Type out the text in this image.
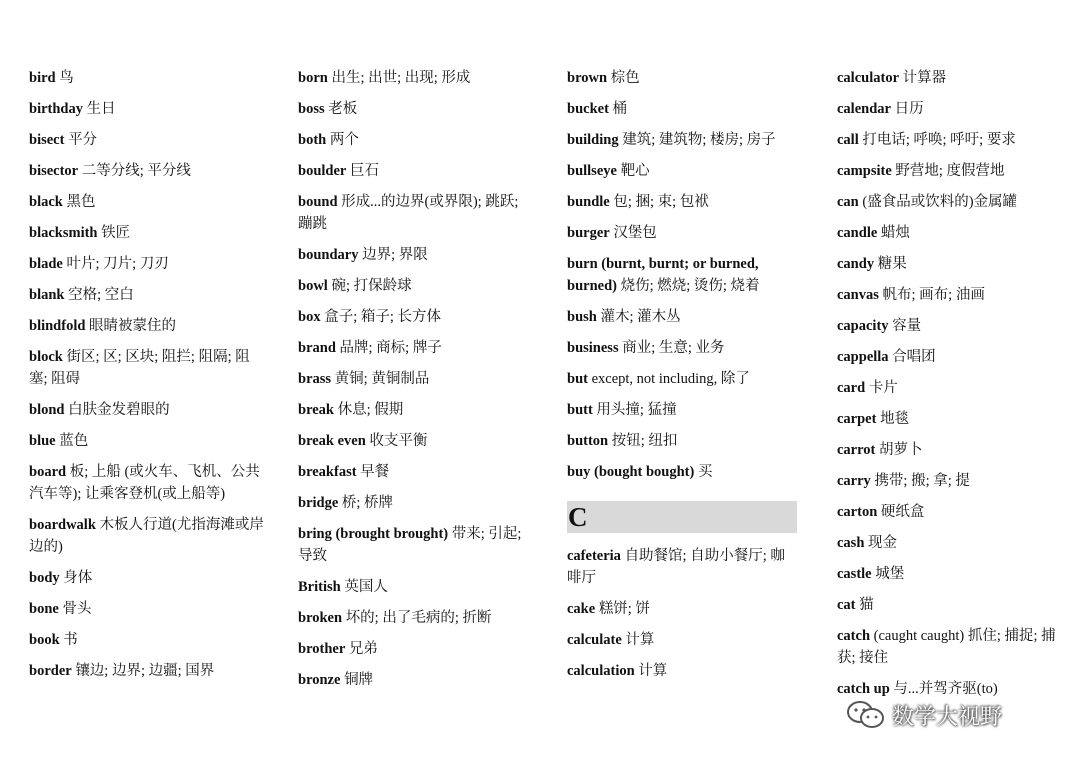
bird 鸟
birthday 生日
bisect 平分
bisector 二等分线; 平分线
black 黑色
blacksmith 铁匠
blade 叶片; 刀片; 刀刃
blank 空格; 空白
blindfold 眼睛被蒙住的
block 街区; 区; 区块; 阻拦; 阻隔; 阻塞; 阻碍
blond 白肤金发碧眼的
blue 蓝色
board 板; 上船 (或火车、飞机、公共汽车等); 让乘客登机(或上船等)
boardwalk 木板人行道(尤指海滩或岸边的)
body 身体
bone 骨头
book 书
border 镶边; 边界; 边疆; 国界
born 出生; 出世; 出现; 形成
boss 老板
both 两个
boulder 巨石
bound 形成...的边界(或界限); 跳跃; 蹦跳
boundary 边界; 界限
bowl 碗; 打保龄球
box 盒子; 箱子; 长方体
brand 品牌; 商标; 牌子
brass 黄铜; 黄铜制品
break 休息; 假期
break even 收支平衡
breakfast 早餐
bridge 桥; 桥牌
bring (brought brought) 带来; 引起; 导致
British 英国人
broken 坏的; 出了毛病的; 折断
brother 兄弟
bronze 铜牌
brown 棕色
bucket 桶
building 建筑; 建筑物; 楼房; 房子
bullseye 靶心
bundle 包; 捆; 束; 包袱
burger 汉堡包
burn (burnt, burnt; or burned, burned) 烧伤; 燃烧; 烫伤; 烧着
bush 灌木; 灌木丛
business 商业; 生意; 业务
but except, not including, 除了
butt 用头撞; 猛撞
button 按钮; 纽扣
buy (bought bought) 买
C
cafeteria 自助餐馆; 自助小餐厅; 咖啡厅
cake 糕饼; 饼
calculate 计算
calculation 计算
calculator 计算器
calendar 日历
call 打电话; 呼唤; 呼吁; 要求
campsite 野营地; 度假营地
can (盛食品或饮料的)金属罐
candle 蜡烛
candy 糖果
canvas 帆布; 画布; 油画
capacity 容量
cappella 合唱团
card 卡片
carpet 地毯
carrot 胡萝卜
carry 携带; 搬; 拿; 提
carton 硬纸盒
cash 现金
castle 城堡
cat 猫
catch (caught caught) 抓住; 捕捉; 捕获; 接住
catch up 与...并驾齐驱(to)
数学大视野
